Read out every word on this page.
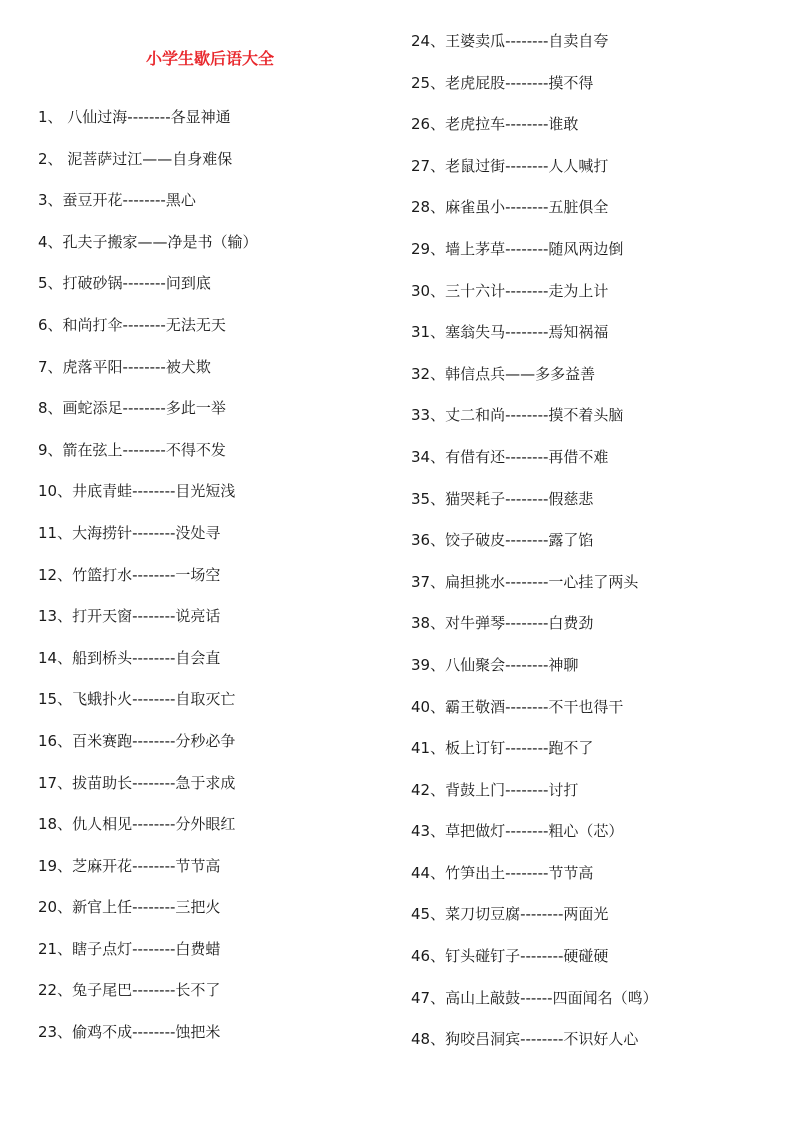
小学生歇后语大全
1、 八仙过海--------各显神通
2、 泥菩萨过江——自身难保
3、蚕豆开花--------黑心
4、孔夫子搬家——净是书（输）
5、打破砂锅--------问到底
6、和尚打伞--------无法无天
7、虎落平阳--------被犬欺
8、画蛇添足--------多此一举
9、箭在弦上--------不得不发
10、井底青蛙--------目光短浅
11、大海捞针--------没处寻
12、竹篮打水--------一场空
13、打开天窗--------说亮话
14、船到桥头--------自会直
15、飞蛾扑火--------自取灭亡
16、百米赛跑--------分秒必争
17、拔苗助长--------急于求成
18、仇人相见--------分外眼红
19、芝麻开花--------节节高
20、新官上任--------三把火
21、瞎子点灯--------白费蜡
22、兔子尾巴--------长不了
23、偷鸡不成--------蚀把米
24、王婆卖瓜--------自卖自夸
25、老虎屁股--------摸不得
26、老虎拉车--------谁敢
27、老鼠过街--------人人喊打
28、麻雀虽小--------五脏俱全
29、墙上茅草--------随风两边倒
30、三十六计--------走为上计
31、塞翁失马--------焉知祸福
32、韩信点兵——多多益善
33、丈二和尚--------摸不着头脑
34、有借有还--------再借不难
35、猫哭耗子--------假慈悲
36、饺子破皮--------露了馅
37、扁担挑水--------一心挂了两头
38、对牛弹琴--------白费劲
39、八仙聚会--------神聊
40、霸王敬酒--------不干也得干
41、板上订钉--------跑不了
42、背鼓上门--------讨打
43、草把做灯--------粗心（芯）
44、竹笋出土--------节节高
45、菜刀切豆腐--------两面光
46、钉头碰钉子--------硬碰硬
47、高山上敲鼓------四面闻名（鸣）
48、狗咬吕洞宾--------不识好人心
